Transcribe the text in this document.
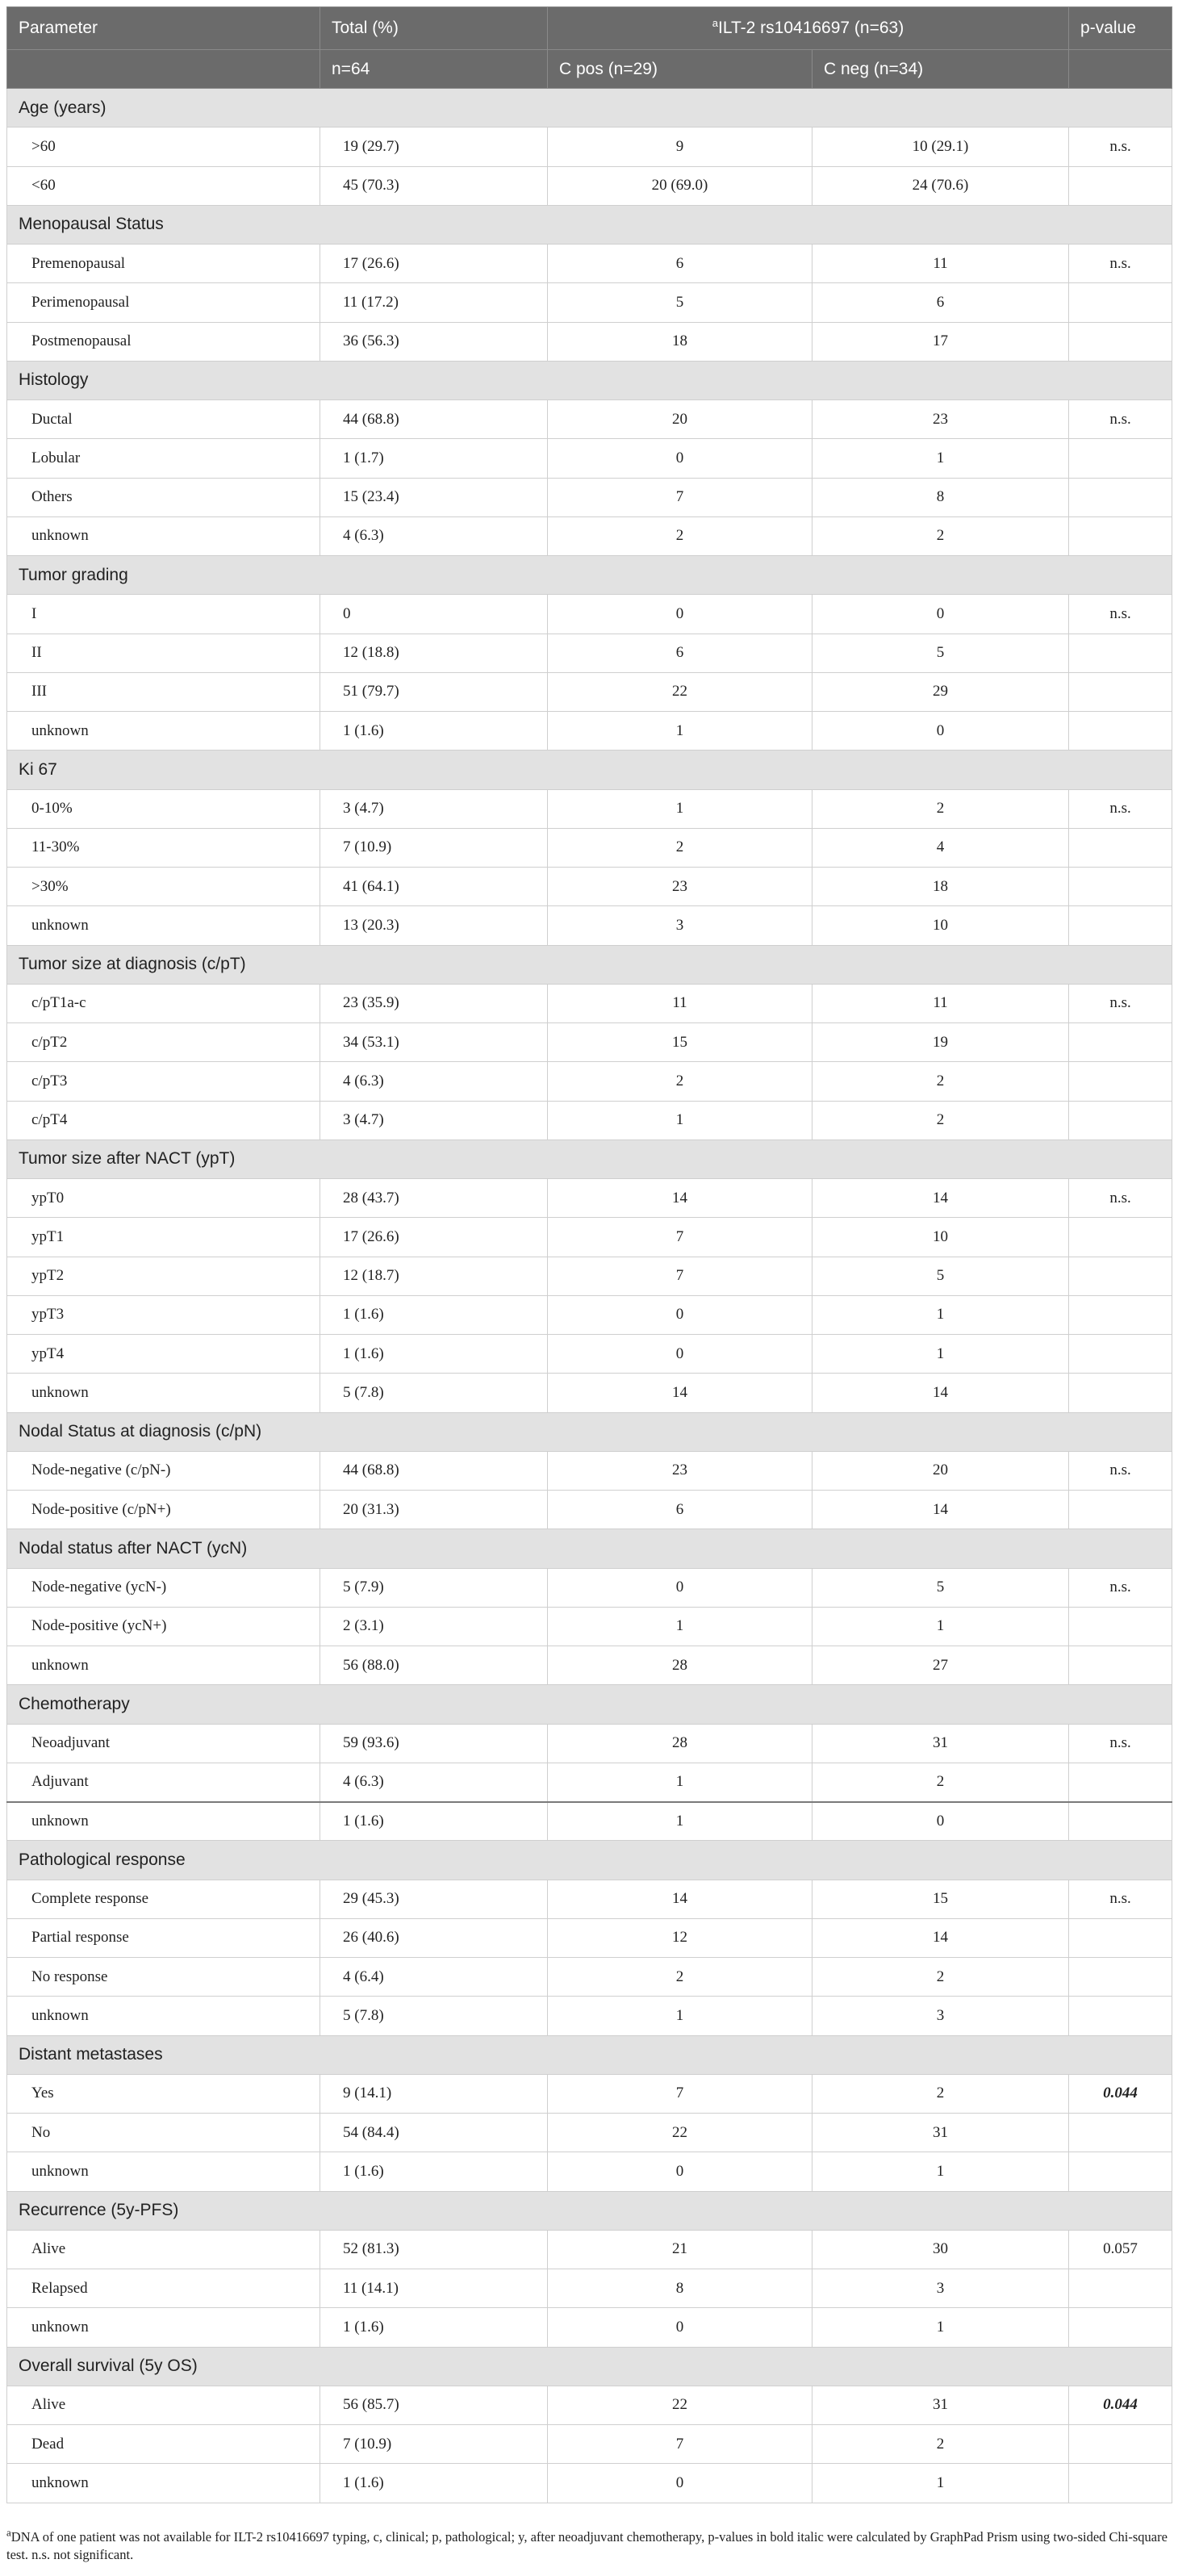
Parameter	Total (%)	$^a$ILT-2 rs10416697 (n=63)		p-value
	n=64	C pos (n=29)	C neg (n=34)	
Age (years)				
>60	19 (29.7)	9	10 (29.1)	n.s.
<60	45 (70.3)	20 (69.0)	24 (70.6)	
Menopausal Status				
Premenopausal	17 (26.6)	6	11	n.s.
Perimenopausal	11 (17.2)	5	6	
Postmenopausal	36 (56.3)	18	17	
Histology				
Ductal	44 (68.8)	20	23	n.s.
Lobular	1 (1.7)	0	1	
Others	15 (23.4)	7	8	
unknown	4 (6.3)	2	2	
Tumor grading				
I	0	0	0	n.s.
II	12 (18.8)	6	5	
III	51 (79.7)	22	29	
unknown	1 (1.6)	1	0	
Ki 67				
0-10%	3 (4.7)	1	2	n.s.
11-30%	7 (10.9)	2	4	
>30%	41 (64.1)	23	18	
unknown	13 (20.3)	3	10	
Tumor size at diagnosis (c/pT)				
c/pT1a-c	23 (35.9)	11	11	n.s.
c/pT2	34 (53.1)	15	19	
c/pT3	4 (6.3)	2	2	
c/pT4	3 (4.7)	1	2	
Tumor size after NACT (ypT)				
ypT0	28 (43.7)	14	14	n.s.
ypT1	17 (26.6)	7	10	
ypT2	12 (18.7)	7	5	
ypT3	1 (1.6)	0	1	
ypT4	1 (1.6)	0	1	
unknown	5 (7.8)	14	14	
Nodal Status at diagnosis (c/pN)				
Node-negative (c/pN-)	44 (68.8)	23	20	n.s.
Node-positive (c/pN+)	20 (31.3)	6	14	
Nodal status after NACT (ycN)				
Node-negative (ycN-)	5 (7.9)	0	5	n.s.
Node-positive (ycN+)	2 (3.1)	1	1	
unknown	56 (88.0)	28	27	
Chemotherapy				
Neoadjuvant	59 (93.6)	28	31	n.s.
Adjuvant	4 (6.3)	1	2	
unknown	1 (1.6)	1	0	
Pathological response				
Complete response	29 (45.3)	14	15	n.s.
Partial response	26 (40.6)	12	14	
No response	4 (6.4)	2	2	
unknown	5 (7.8)	1	3	
Distant metastases				
Yes	9 (14.1)	7	2	0.044
No	54 (84.4)	22	31	
unknown	1 (1.6)	0	1	
Recurrence (5y-PFS)				
Alive	52 (81.3)	21	30	0.057
Relapsed	11 (14.1)	8	3	
unknown	1 (1.6)	0	1	
Overall survival (5y OS)				
Alive	56 (85.7)	22	31	0.044
Dead	7 (10.9)	7	2	
unknown	1 (1.6)	0	1	
$^a$DNA of one patient was not available for ILT-2 rs10416697 typing, c, clinical; p, pathological; y, after neoadjuvant chemotherapy, p-values in bold italic were calculated by GraphPad Prism using two-sided Chi-square test. n.s. not significant.
